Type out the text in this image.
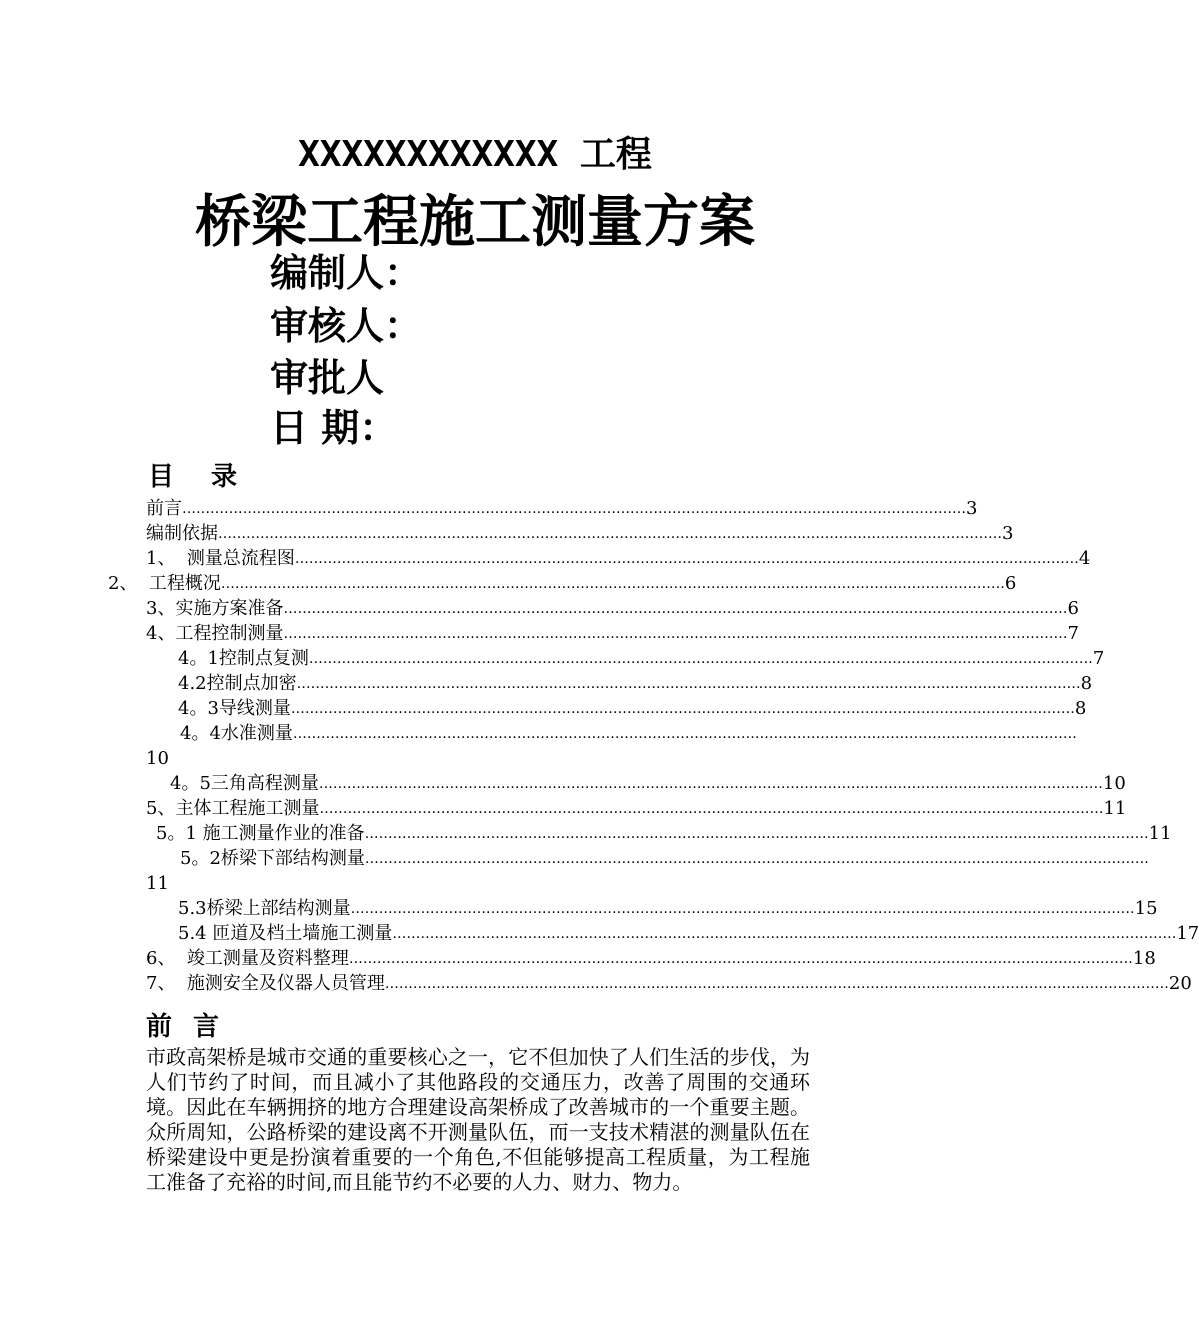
XXXXXXXXXXXX 工程
桥梁工程施工测量方案
编制人：
审核人：
审批人
日 期：
目 录
前言 …………………………………………………………………………………………………………………………………………………… 3
编制依据 …………………………………………………………………………………………………………………………………………………… 3
1、  测量总流程图 …………………………………………………………………………………………………………………………………………………… 4
2、  工程概况 …………………………………………………………………………………………………………………………………………………… 6
3、实施方案准备 …………………………………………………………………………………………………………………………………………………… 6
4、工程控制测量 …………………………………………………………………………………………………………………………………………………… 7
4。1控制点复测 …………………………………………………………………………………………………………………………………………………… 7
4.2控制点加密 …………………………………………………………………………………………………………………………………………………… 8
4。3导线测量 …………………………………………………………………………………………………………………………………………………… 8
4。4水准测量 ……………………………………………………………………………………………………………………………………………………
10
4。5三角高程测量 …………………………………………………………………………………………………………………………………………………… 10
5、主体工程施工测量 …………………………………………………………………………………………………………………………………………………… 11
5。1 施工测量作业的准备 …………………………………………………………………………………………………………………………………………………… 11
5。2桥梁下部结构测量 ……………………………………………………………………………………………………………………………………………………
11
5.3桥梁上部结构测量 …………………………………………………………………………………………………………………………………………………… 15
5.4 匝道及档土墙施工测量 …………………………………………………………………………………………………………………………………………………… 17
6、  竣工测量及资料整理 …………………………………………………………………………………………………………………………………………………… 18
7、  施测安全及仪器人员管理 …………………………………………………………………………………………………………………………………………………… 20
前 言
市政高架桥是城市交通的重要核心之一，它不但加快了人们生活的步伐，为人们节约了时间，而且减小了其他路段的交通压力，改善了周围的交通环境。因此在车辆拥挤的地方合理建设高架桥成了改善城市的一个重要主题。众所周知，公路桥梁的建设离不开测量队伍，而一支技术精湛的测量队伍在桥梁建设中更是扮演着重要的一个角色,不但能够提高工程质量，为工程施工准备了充裕的时间,而且能节约不必要的人力、财力、物力。
